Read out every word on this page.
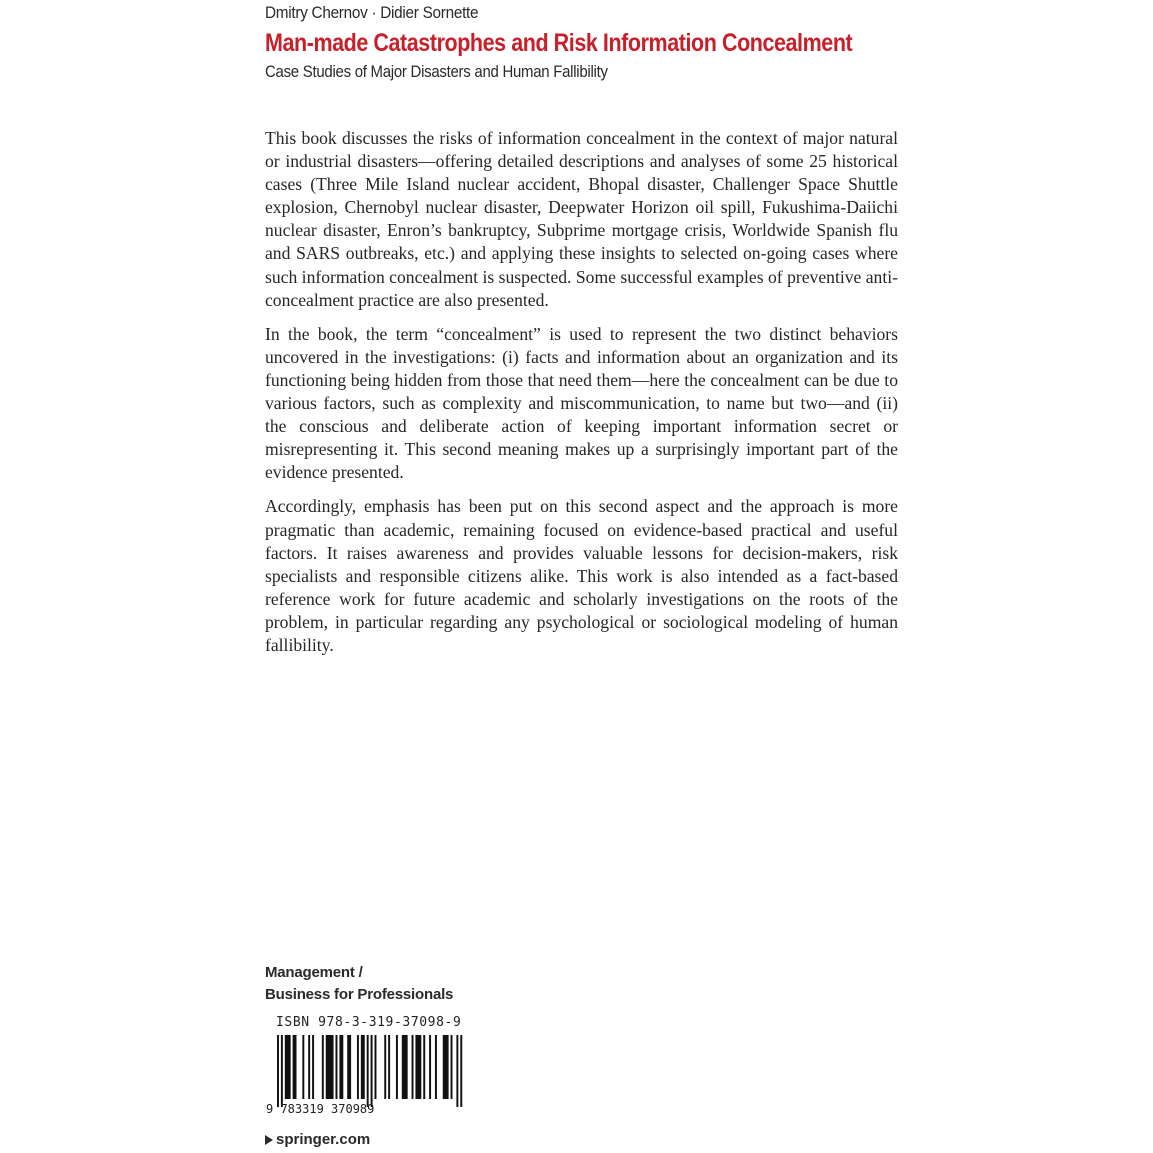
Dmitry Chernov · Didier Sornette
Man-made Catastrophes and Risk Information Concealment
Case Studies of Major Disasters and Human Fallibility

This book discusses the risks of information concealment in the context of major natural or industrial disasters—offering detailed descriptions and analyses of some 25 historical cases (Three Mile Island nuclear accident, Bhopal disaster, Challenger Space Shuttle explosion, Chernobyl nuclear disaster, Deepwater Horizon oil spill, Fukushima-Daiichi nuclear disaster, Enron’s bankruptcy, Subprime mortgage crisis, Worldwide Spanish flu and SARS outbreaks, etc.) and applying these insights to selected on-going cases where such information concealment is suspected. Some successful examples of preventive anti-concealment practice are also presented.

In the book, the term “concealment” is used to represent the two distinct behaviors uncovered in the investigations: (i) facts and information about an organization and its functioning being hidden from those that need them—here the concealment can be due to various factors, such as complexity and miscommunication, to name but two—and (ii) the conscious and deliberate action of keeping important information secret or misrepresenting it. This second meaning makes up a surprisingly important part of the evidence presented.

Accordingly, emphasis has been put on this second aspect and the approach is more pragmatic than academic, remaining focused on evidence-based practical and useful factors. It raises awareness and provides valuable lessons for decision-makers, risk specialists and responsible citizens alike. This work is also intended as a fact-based reference work for future academic and scholarly investigations on the roots of the problem, in particular regarding any psychological or sociological modeling of human fallibility.

Management /
Business for Professionals
ISBN 978-3-319-37098-9
9 783319 370989
springer.com
